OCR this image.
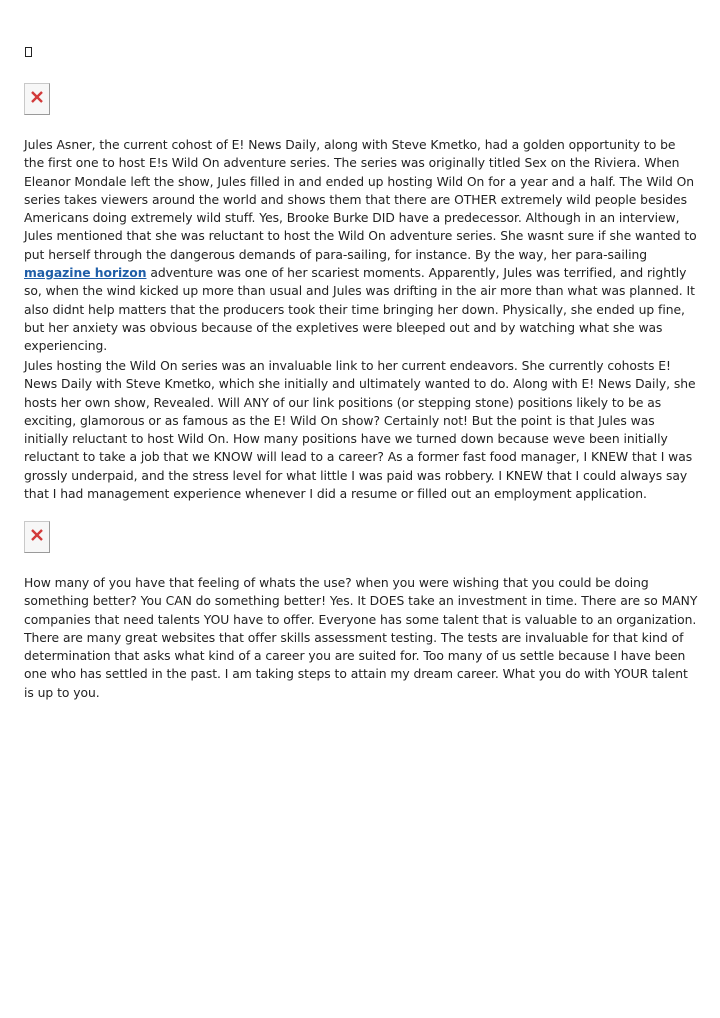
Jules Asner, the current cohost of E! News Daily, along with Steve Kmetko, had a golden opportunity to be the first one to host E!s Wild On adventure series. The series was originally titled Sex on the Riviera. When Eleanor Mondale left the show, Jules filled in and ended up hosting Wild On for a year and a half. The Wild On series takes viewers around the world and shows them that there are OTHER extremely wild people besides Americans doing extremely wild stuff. Yes, Brooke Burke DID have a predecessor. Although in an interview, Jules mentioned that she was reluctant to host the Wild On adventure series. She wasnt sure if she wanted to put herself through the dangerous demands of para-sailing, for instance. By the way, her para-sailing magazine horizon adventure was one of her scariest moments. Apparently, Jules was terrified, and rightly so, when the wind kicked up more than usual and Jules was drifting in the air more than what was planned. It also didnt help matters that the producers took their time bringing her down. Physically, she ended up fine, but her anxiety was obvious because of the expletives were bleeped out and by watching what she was experiencing.

Jules hosting the Wild On series was an invaluable link to her current endeavors. She currently cohosts E! News Daily with Steve Kmetko, which she initially and ultimately wanted to do. Along with E! News Daily, she hosts her own show, Revealed. Will ANY of our link positions (or stepping stone) positions likely to be as exciting, glamorous or as famous as the E! Wild On show? Certainly not! But the point is that Jules was initially reluctant to host Wild On. How many positions have we turned down because weve been initially reluctant to take a job that we KNOW will lead to a career? As a former fast food manager, I KNEW that I was grossly underpaid, and the stress level for what little I was paid was robbery. I KNEW that I could always say that I had management experience whenever I did a resume or filled out an employment application.

How many of you have that feeling of whats the use? when you were wishing that you could be doing something better? You CAN do something better! Yes. It DOES take an investment in time. There are so MANY companies that need talents YOU have to offer. Everyone has some talent that is valuable to an organization. There are many great websites that offer skills assessment testing. The tests are invaluable for that kind of determination that asks what kind of a career you are suited for. Too many of us settle because I have been one who has settled in the past. I am taking steps to attain my dream career. What you do with YOUR talent is up to you.
